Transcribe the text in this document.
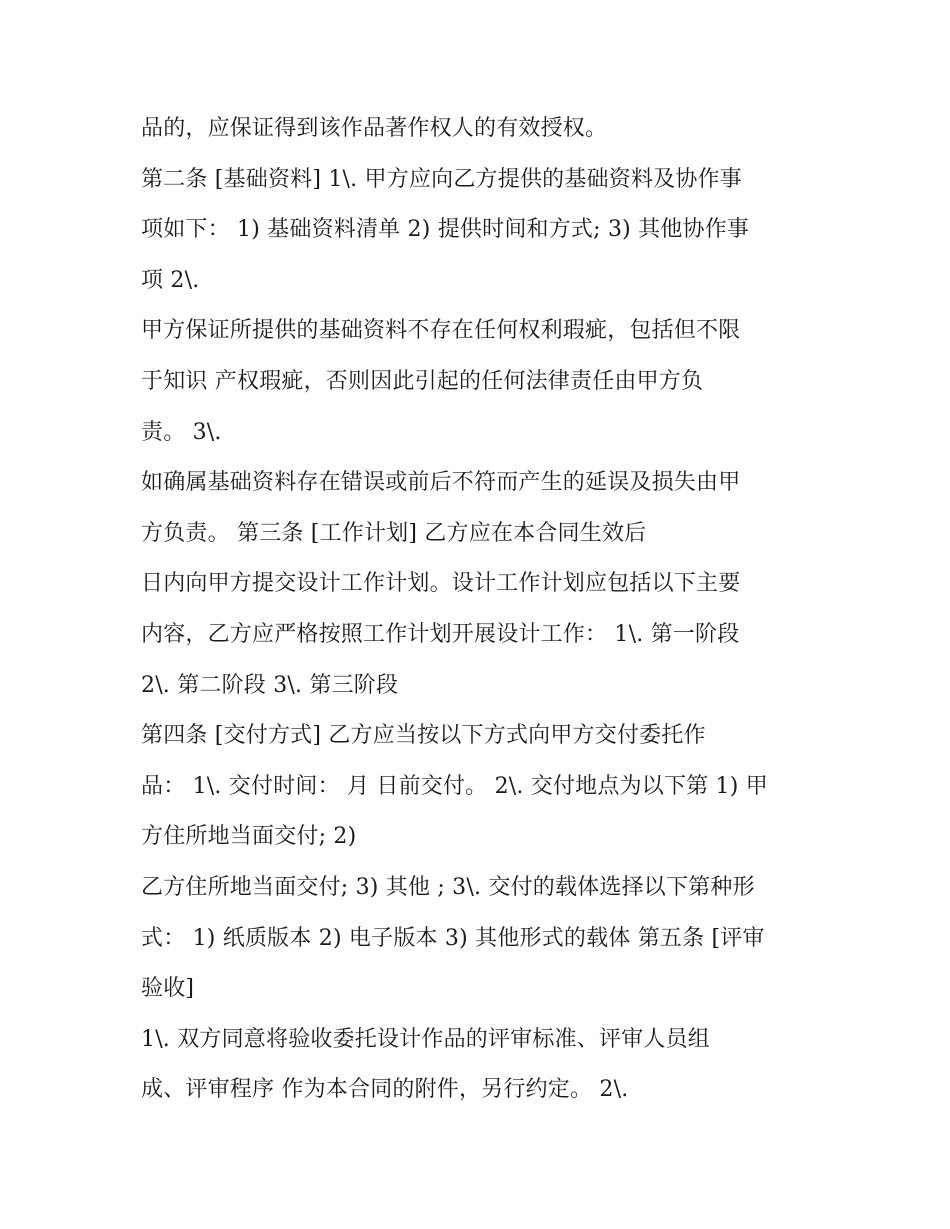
品的，应保证得到该作品著作权人的有效授权。
第二条 [基础资料] 1\. 甲方应向乙方提供的基础资料及协作事
项如下： 1) 基础资料清单 2) 提供时间和方式; 3) 其他协作事
项 2\.
甲方保证所提供的基础资料不存在任何权利瑕疵，包括但不限
于知识 产权瑕疵，否则因此引起的任何法律责任由甲方负
责。 3\.
如确属基础资料存在错误或前后不符而产生的延误及损失由甲
方负责。 第三条 [工作计划] 乙方应在本合同生效后
日内向甲方提交设计工作计划。设计工作计划应包括以下主要
内容，乙方应严格按照工作计划开展设计工作： 1\. 第一阶段
2\. 第二阶段 3\. 第三阶段
第四条 [交付方式] 乙方应当按以下方式向甲方交付委托作
品： 1\. 交付时间： 月 日前交付。 2\. 交付地点为以下第 1) 甲
方住所地当面交付; 2)
乙方住所地当面交付; 3) 其他 ; 3\. 交付的载体选择以下第种形
式： 1) 纸质版本 2) 电子版本 3) 其他形式的载体 第五条 [评审
验收]
1\. 双方同意将验收委托设计作品的评审标准、评审人员组
成、评审程序 作为本合同的附件，另行约定。 2\.
